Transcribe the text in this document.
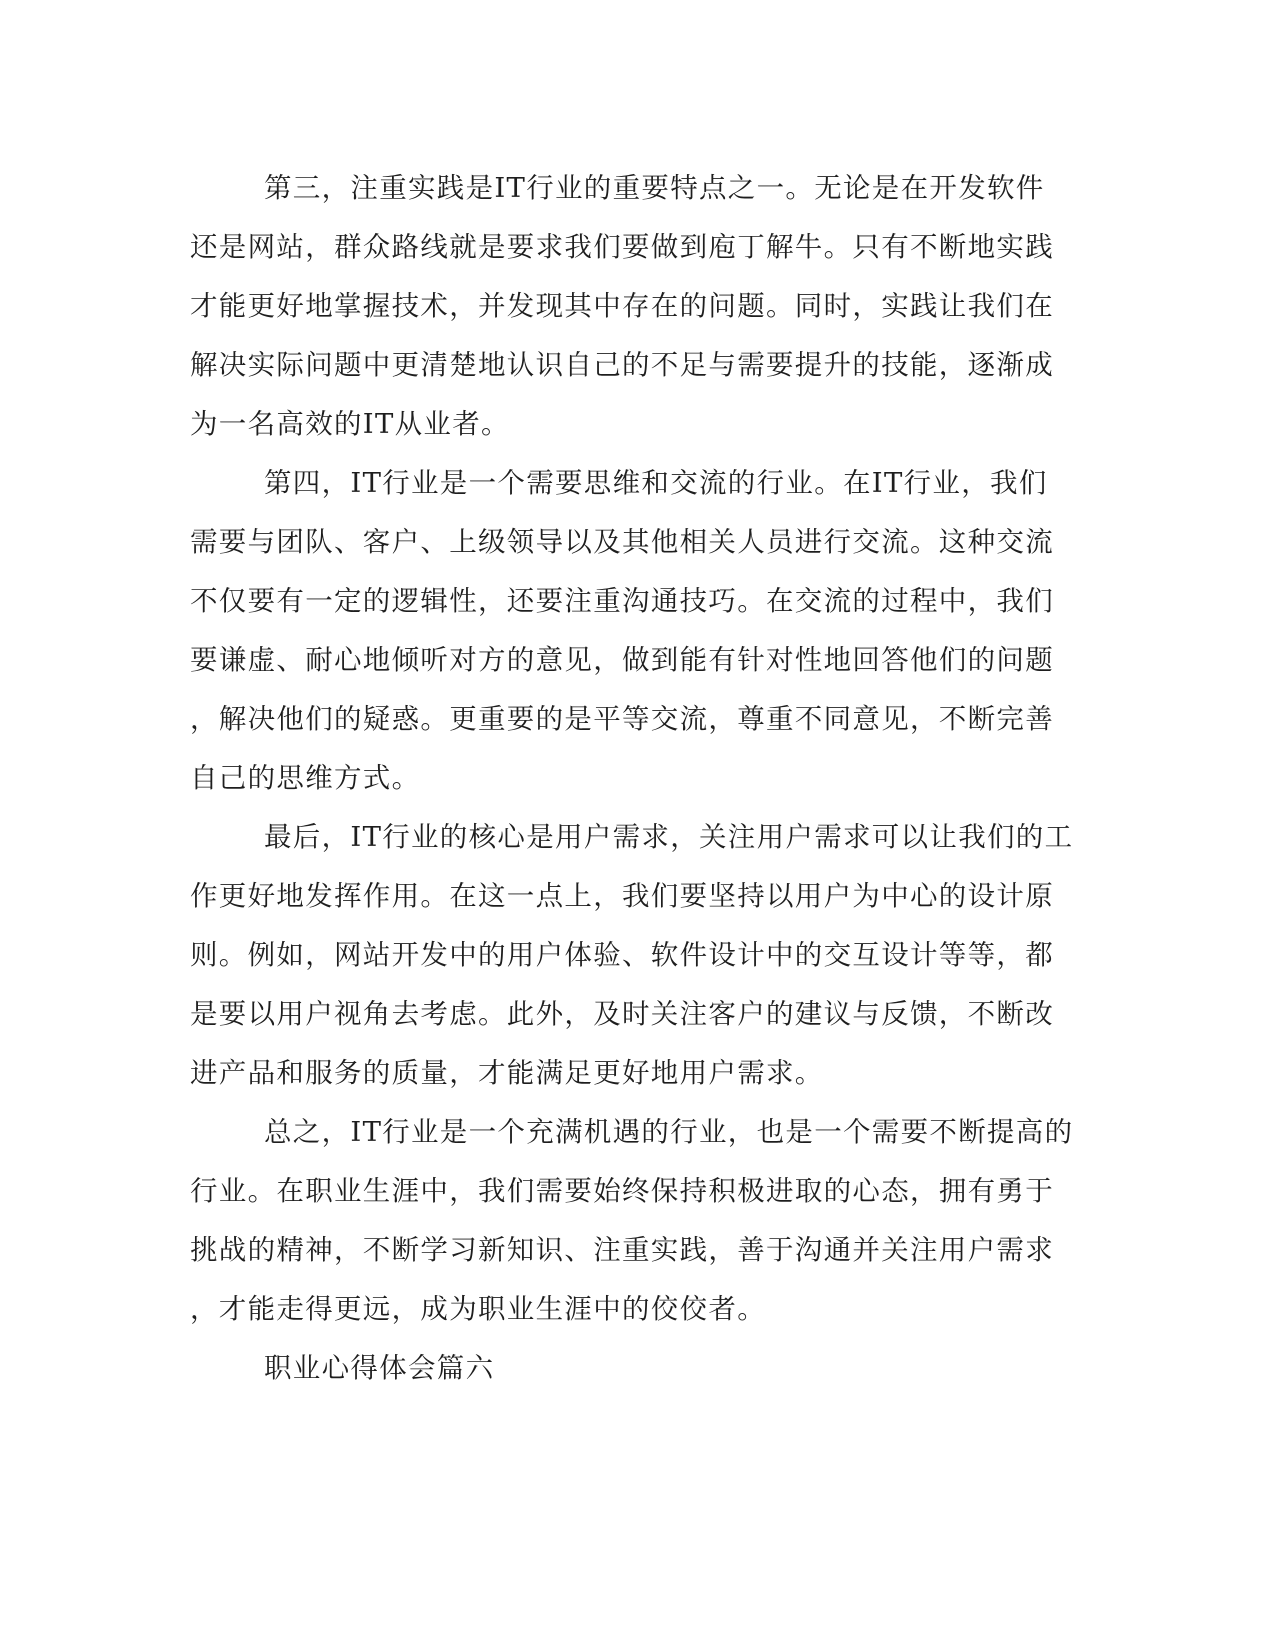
第三，注重实践是IT行业的重要特点之一。无论是在开发软件

还是网站，群众路线就是要求我们要做到庖丁解牛。只有不断地实践

才能更好地掌握技术，并发现其中存在的问题。同时，实践让我们在

解决实际问题中更清楚地认识自己的不足与需要提升的技能，逐渐成

为一名高效的IT从业者。

第四，IT行业是一个需要思维和交流的行业。在IT行业，我们

需要与团队、客户、上级领导以及其他相关人员进行交流。这种交流

不仅要有一定的逻辑性，还要注重沟通技巧。在交流的过程中，我们

要谦虚、耐心地倾听对方的意见，做到能有针对性地回答他们的问题

，解决他们的疑惑。更重要的是平等交流，尊重不同意见，不断完善

自己的思维方式。

最后，IT行业的核心是用户需求，关注用户需求可以让我们的工

作更好地发挥作用。在这一点上，我们要坚持以用户为中心的设计原

则。例如，网站开发中的用户体验、软件设计中的交互设计等等，都

是要以用户视角去考虑。此外，及时关注客户的建议与反馈，不断改

进产品和服务的质量，才能满足更好地用户需求。

总之，IT行业是一个充满机遇的行业，也是一个需要不断提高的

行业。在职业生涯中，我们需要始终保持积极进取的心态，拥有勇于

挑战的精神，不断学习新知识、注重实践，善于沟通并关注用户需求

，才能走得更远，成为职业生涯中的佼佼者。

职业心得体会篇六
